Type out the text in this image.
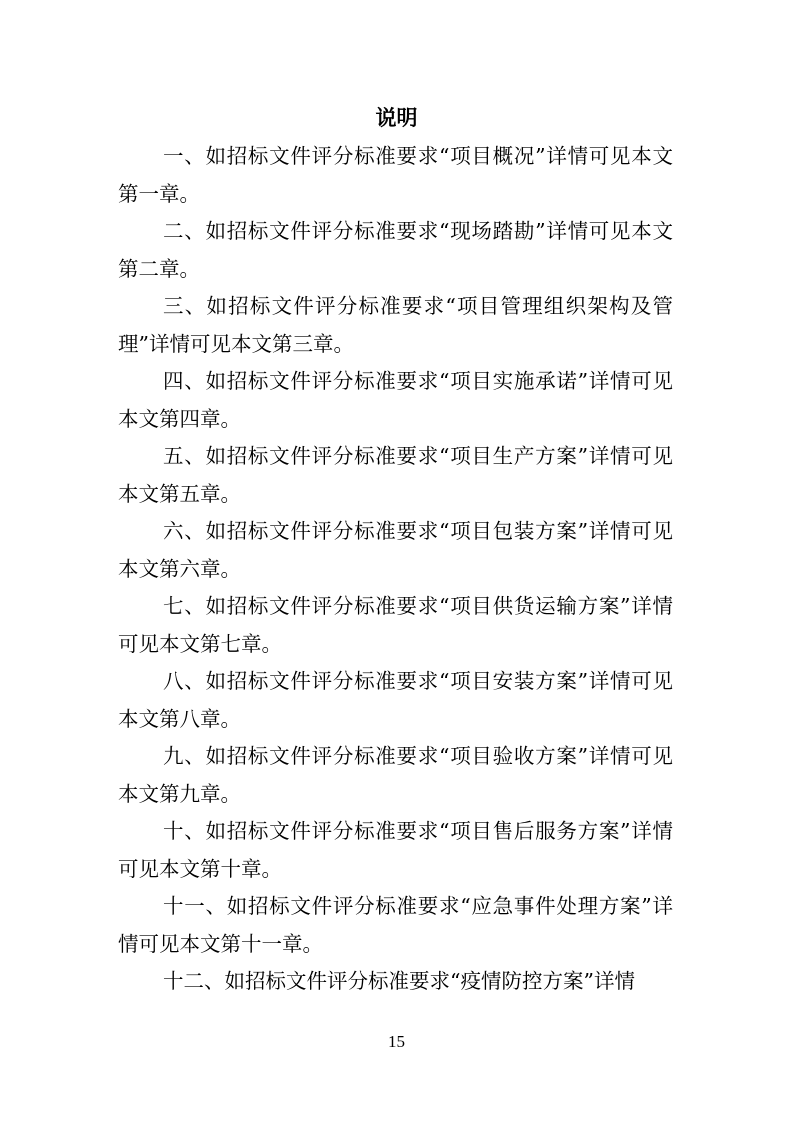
说明

一、如招标文件评分标准要求“项目概况”详情可见本文第一章。

二、如招标文件评分标准要求“现场踏勘”详情可见本文第二章。

三、如招标文件评分标准要求“项目管理组织架构及管理”详情可见本文第三章。

四、如招标文件评分标准要求“项目实施承诺”详情可见本文第四章。

五、如招标文件评分标准要求“项目生产方案”详情可见本文第五章。

六、如招标文件评分标准要求“项目包装方案”详情可见本文第六章。

七、如招标文件评分标准要求“项目供货运输方案”详情可见本文第七章。

八、如招标文件评分标准要求“项目安装方案”详情可见本文第八章。

九、如招标文件评分标准要求“项目验收方案”详情可见本文第九章。

十、如招标文件评分标准要求“项目售后服务方案”详情可见本文第十章。

十一、如招标文件评分标准要求“应急事件处理方案”详情可见本文第十一章。

十二、如招标文件评分标准要求“疫情防控方案”详情

15
